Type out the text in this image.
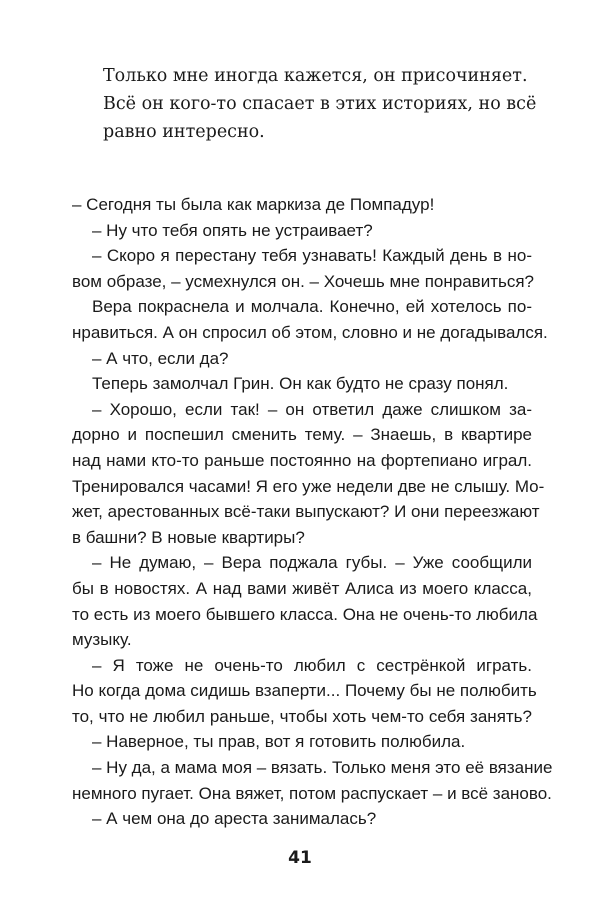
Только мне иногда кажется, он присочиняет.
Всё он кого-то спасает в этих историях, но всё
равно интересно.
– Сегодня ты была как маркиза де Помпадур!
– Ну что тебя опять не устраивает?
– Скоро я перестану тебя узнавать! Каждый день в но-
вом образе, – усмехнулся он. – Хочешь мне понравиться?
Вера покраснела и молчала. Конечно, ей хотелось по-
нравиться. А он спросил об этом, словно и не догадывался.
– А что, если да?
Теперь замолчал Грин. Он как будто не сразу понял.
– Хорошо, если так! – он ответил даже слишком за-
дорно и поспешил сменить тему. – Знаешь, в квартире
над нами кто-то раньше постоянно на фортепиано играл.
Тренировался часами! Я его уже недели две не слышу. Мо-
жет, арестованных всё-таки выпускают? И они переезжают
в башни? В новые квартиры?
– Не думаю, – Вера поджала губы. – Уже сообщили
бы в новостях. А над вами живёт Алиса из моего класса,
то есть из моего бывшего класса. Она не очень-то любила
музыку.
– Я тоже не очень-то любил с сестрёнкой играть.
Но когда дома сидишь взаперти... Почему бы не полюбить
то, что не любил раньше, чтобы хоть чем-то себя занять?
– Наверное, ты прав, вот я готовить полюбила.
– Ну да, а мама моя – вязать. Только меня это её вязание
немного пугает. Она вяжет, потом распускает – и всё заново.
– А чем она до ареста занималась?
41
